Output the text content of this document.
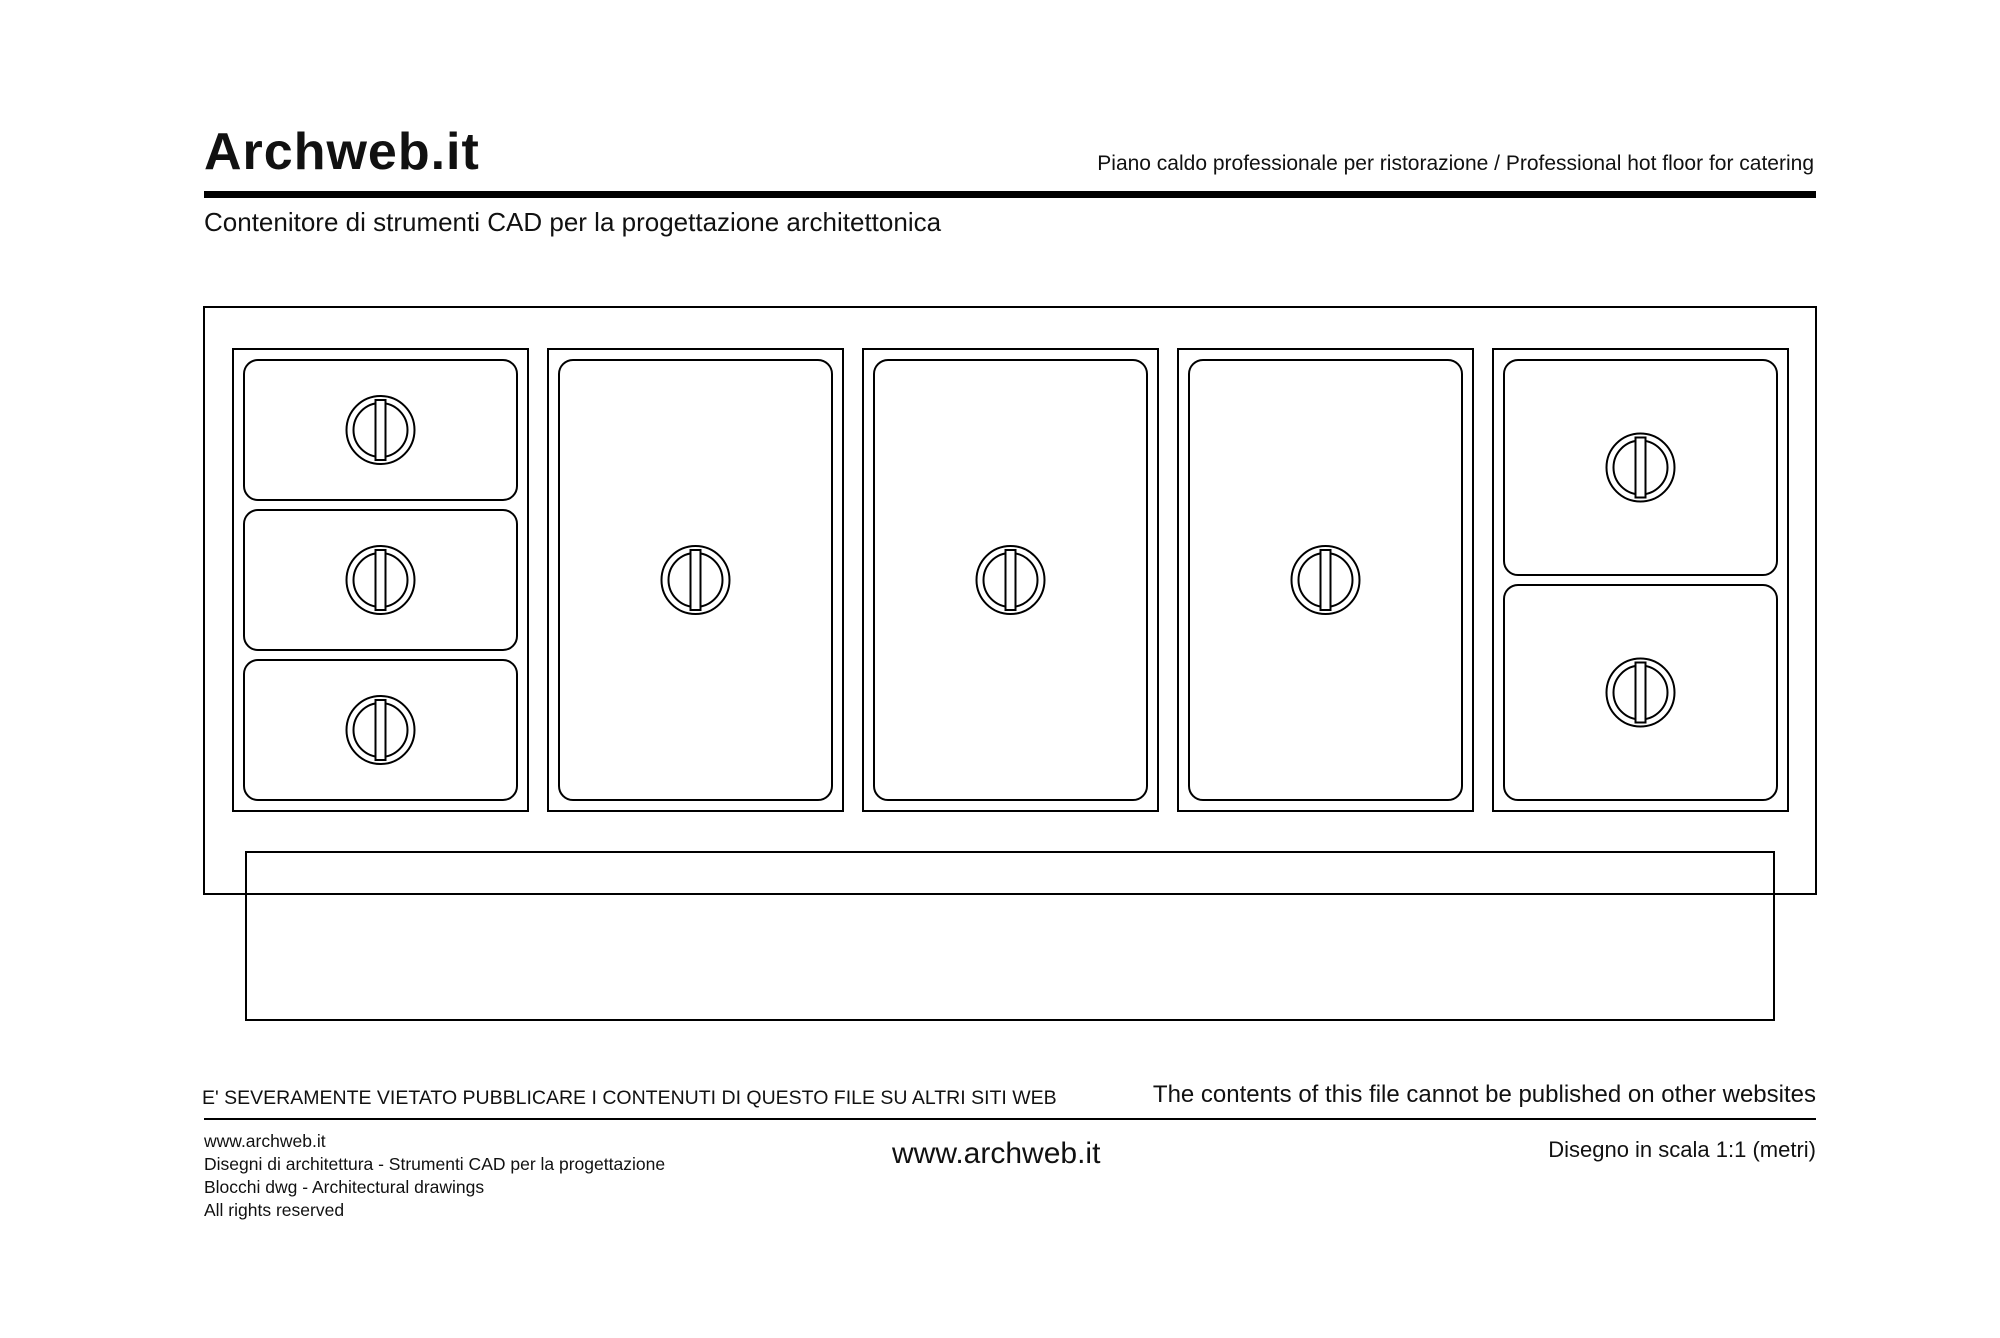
Archweb.it	Piano caldo professionale per ristorazione / Professional hot floor for catering
Contenitore di strumenti CAD per la progettazione architettonica
E' SEVERAMENTE VIETATO PUBBLICARE I CONTENUTI DI QUESTO FILE SU ALTRI SITI WEB	The contents of this file cannot be published on other websites
www.archweb.it
Disegni di architettura - Strumenti CAD per la progettazione
Blocchi dwg - Architectural drawings
All rights reserved
www.archweb.it	Disegno in scala 1:1 (metri)
